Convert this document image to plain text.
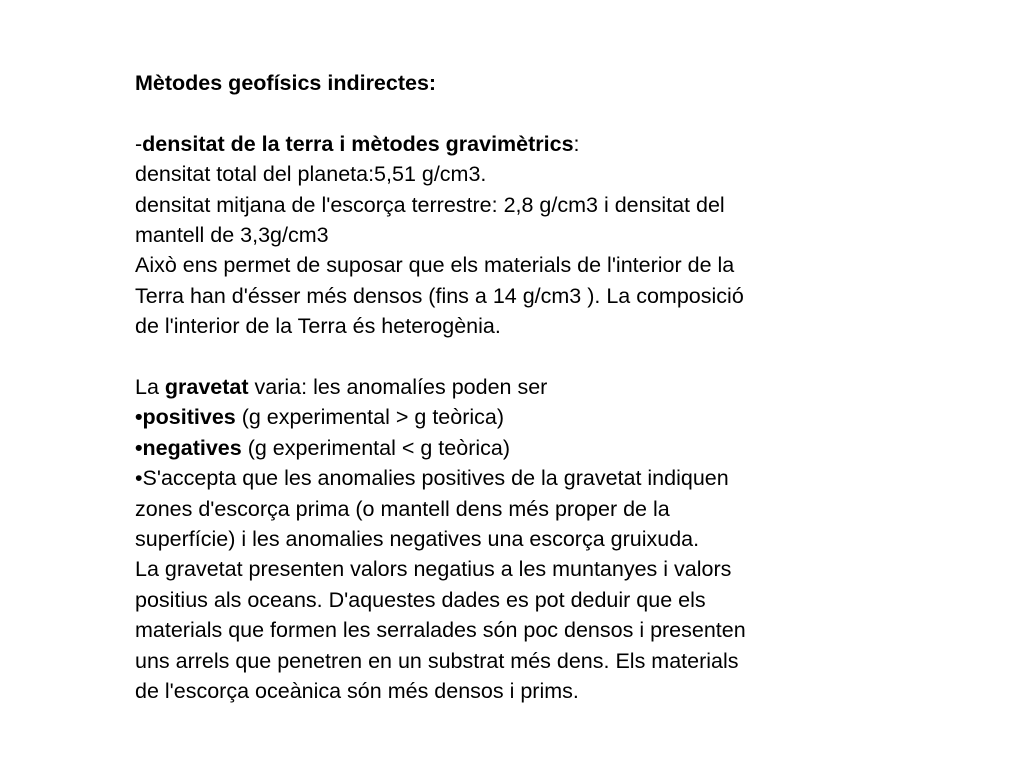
Mètodes geofísics indirectes:
-densitat de la terra i mètodes gravimètrics:
densitat total del planeta:5,51 g/cm3.
densitat mitjana de l'escorça terrestre: 2,8 g/cm3 i densitat del
mantell de 3,3g/cm3
Això ens permet de suposar que els materials de l'interior de la
Terra han d'ésser més densos (fins a 14 g/cm3 ). La composició
de l'interior de la Terra és heterogènia.
La gravetat varia: les anomalíes poden ser
•positives (g experimental > g teòrica)
•negatives (g experimental < g teòrica)
•S'accepta que les anomalies positives de la gravetat indiquen
zones d'escorça prima (o mantell dens més proper de la
superfície) i les anomalies negatives una escorça gruixuda.
La gravetat presenten valors negatius a les muntanyes i valors
positius als oceans. D'aquestes dades es pot deduir que els
materials que formen les serralades són poc densos i presenten
uns arrels que penetren en un substrat més dens. Els materials
de l'escorça oceànica són més densos i prims.
